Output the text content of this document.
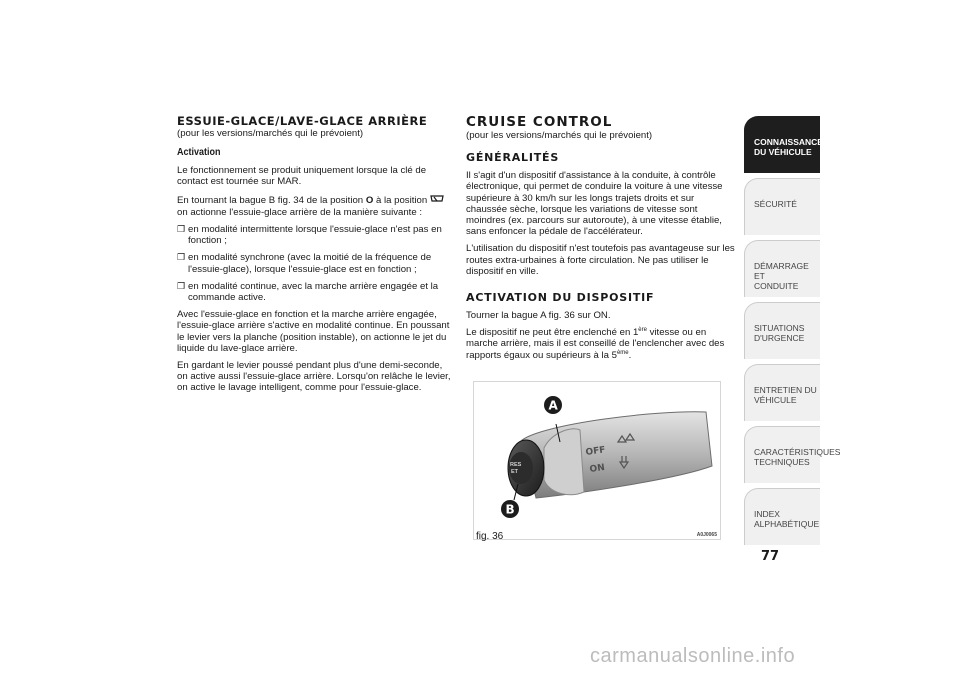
ESSUIE-GLACE/LAVE-GLACE ARRIÈRE

(pour les versions/marchés qui le prévoient)

Activation

Le fonctionnement se produit uniquement lorsque la clé de contact est tournée sur MAR.

En tournant la bague B fig. 34 de la position O à la position  on actionne l'essuie-glace arrière de la manière suivante :

❒ en modalité intermittente lorsque l'essuie-glace n'est pas en fonction ;
❒ en modalité synchrone (avec la moitié de la fréquence de l'essuie-glace), lorsque l'essuie-glace est en fonction ;
❒ en modalité continue, avec la marche arrière engagée et la commande active.

Avec l'essuie-glace en fonction et la marche arrière engagée, l'essuie-glace arrière s'active en modalité continue. En poussant le levier vers la planche (position instable), on actionne le jet du liquide du lave-glace arrière.

En gardant le levier poussé pendant plus d'une demi-seconde, on active aussi l'essuie-glace arrière. Lorsqu'on relâche le levier, on active le lavage intelligent, comme pour l'essuie-glace.

CRUISE CONTROL

(pour les versions/marchés qui le prévoient)

GÉNÉRALITÉS

Il s'agit d'un dispositif d'assistance à la conduite, à contrôle électronique, qui permet de conduire la voiture à une vitesse supérieure à 30 km/h sur les longs trajets droits et sur chaussée sèche, lorsque les variations de vitesse sont moindres (ex. parcours sur autoroute), à une vitesse établie, sans enfoncer la pédale de l'accélérateur.

L'utilisation du dispositif n'est toutefois pas avantageuse sur les routes extra-urbaines à forte circulation. Ne pas utiliser le dispositif en ville.

ACTIVATION DU DISPOSITIF

Tourner la bague A fig. 36 sur ON.

Le dispositif ne peut être enclenché en 1ère vitesse ou en marche arrière, mais il est conseillé de l'enclencher avec des rapports égaux ou supérieurs à la 5ème.

RES
ET
OFF
ON
A
B
fig. 36	A0J0065
CONNAISSANCE
DU VÉHICULE
SÉCURITÉ
DÉMARRAGE ET
CONDUITE
SITUATIONS
D'URGENCE
ENTRETIEN DU
VÉHICULE
CARACTÉRISTIQUES
TECHNIQUES
INDEX
ALPHABÉTIQUE
77
carmanualsonline.info
